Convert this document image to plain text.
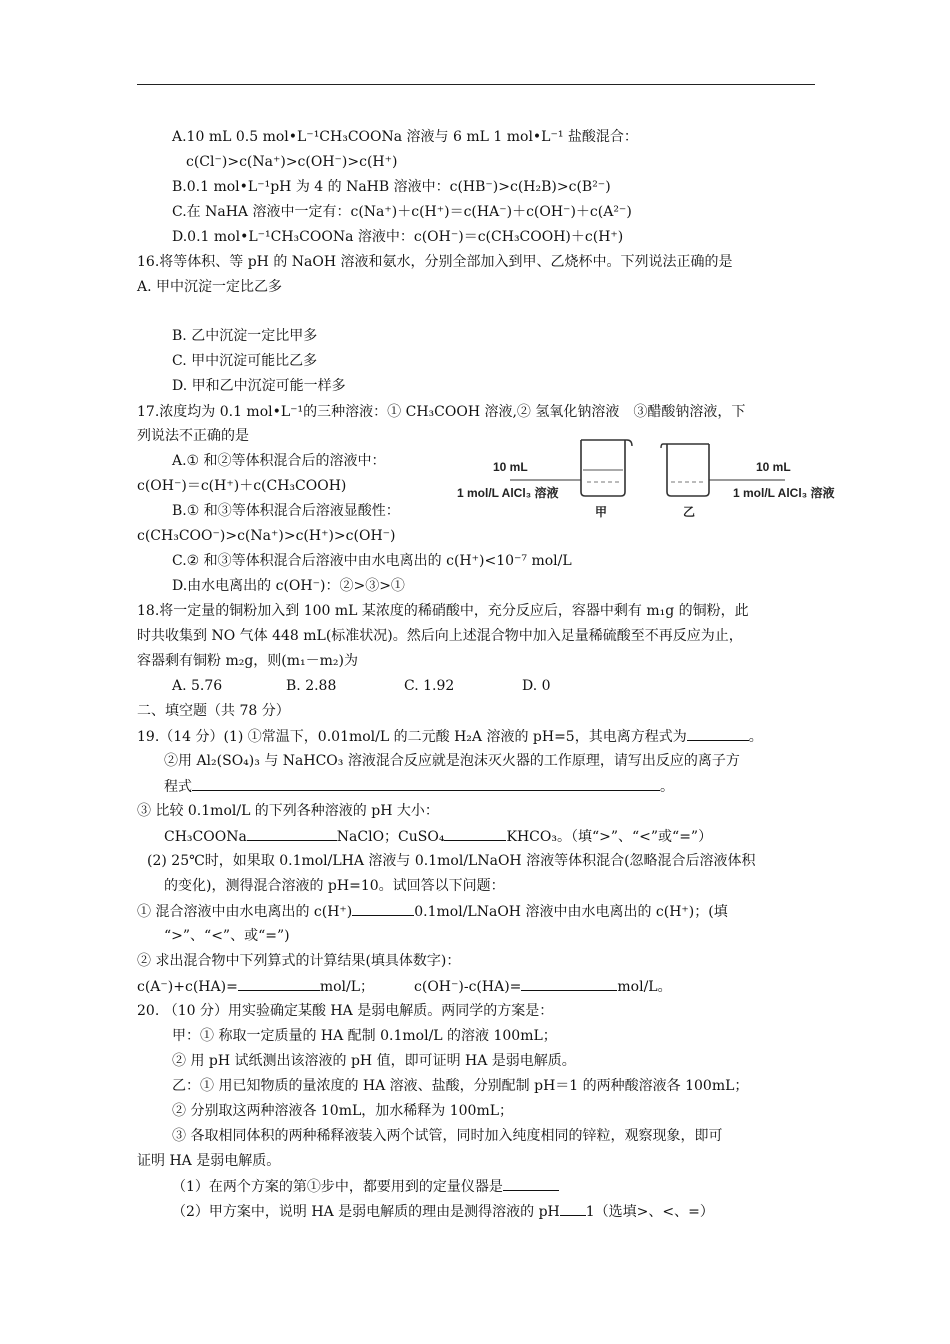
A.10 mL 0.5 mol•L⁻¹CH₃COONa 溶液与 6 mL 1 mol•L⁻¹ 盐酸混合：
c(Cl⁻)>c(Na⁺)>c(OH⁻)>c(H⁺)
B.0.1 mol•L⁻¹pH 为 4 的 NaHB 溶液中：c(HB⁻)>c(H₂B)>c(B²⁻)
C.在 NaHA 溶液中一定有：c(Na⁺)＋c(H⁺)＝c(HA⁻)＋c(OH⁻)＋c(A²⁻)
D.0.1 mol•L⁻¹CH₃COONa 溶液中：c(OH⁻)＝c(CH₃COOH)＋c(H⁺)
16.将等体积、等 pH 的 NaOH 溶液和氨水，分别全部加入到甲、乙烧杯中。下列说法正确的是
A. 甲中沉淀一定比乙多
B. 乙中沉淀一定比甲多
C. 甲中沉淀可能比乙多
D. 甲和乙中沉淀可能一样多
17.浓度均为 0.1 mol•L⁻¹的三种溶液：① CH₃COOH 溶液,② 氢氧化钠溶液　③醋酸钠溶液，下
列说法不正确的是
A.① 和②等体积混合后的溶液中：
c(OH⁻)＝c(H⁺)＋c(CH₃COOH)
B.① 和③等体积混合后溶液显酸性：
c(CH₃COO⁻)>c(Na⁺)>c(H⁺)>c(OH⁻)
C.② 和③等体积混合后溶液中由水电离出的 c(H⁺)<10⁻⁷ mol/L
D.由水电离出的 c(OH⁻)：②>③>①
10 mL
1 mol/L AlCl₃ 溶液
10 mL
1 mol/L AlCl₃ 溶液
甲	乙
18.将一定量的铜粉加入到 100 mL 某浓度的稀硝酸中，充分反应后，容器中剩有 m₁g 的铜粉，此
时共收集到 NO 气体 448 mL(标准状况)。然后向上述混合物中加入足量稀硫酸至不再反应为止，
容器剩有铜粉 m₂g，则(m₁－m₂)为
A. 5.76	B. 2.88	C. 1.92	D. 0
二、填空题（共 78 分）
19.（14 分）(1) ①常温下，0.01mol/L 的二元酸 H₂A 溶液的 pH=5，其电离方程式为	。
②用 Al₂(SO₄)₃ 与 NaHCO₃ 溶液混合反应就是泡沫灭火器的工作原理，请写出反应的离子方
程式	。
③ 比较 0.1mol/L 的下列各种溶液的 pH 大小：
CH₃COONa	NaClO；CuSO₄	KHCO₃。（填“>”、“<”或“=”）
(2) 25℃时，如果取 0.1mol/LHA 溶液与 0.1mol/LNaOH 溶液等体积混合(忽略混合后溶液体积
的变化)，测得混合溶液的 pH=10。试回答以下问题：
① 混合溶液中由水电离出的 c(H⁺)	0.1mol/LNaOH 溶液中由水电离出的 c(H⁺)；(填
“>”、“<”、或“=”)
② 求出混合物中下列算式的计算结果(填具体数字)：
c(A⁻)+c(HA)=	mol/L；	c(OH⁻)-c(HA)=	mol/L。
20. （10 分）用实验确定某酸 HA 是弱电解质。两同学的方案是：
甲：① 称取一定质量的 HA 配制 0.1mol/L 的溶液 100mL；
② 用 pH 试纸测出该溶液的 pH 值，即可证明 HA 是弱电解质。
乙：① 用已知物质的量浓度的 HA 溶液、盐酸，分别配制 pH＝1 的两种酸溶液各 100mL；
② 分别取这两种溶液各 10mL，加水稀释为 100mL；
③ 各取相同体积的两种稀释液装入两个试管，同时加入纯度相同的锌粒，观察现象，即可
证明 HA 是弱电解质。
（1）在两个方案的第①步中，都要用到的定量仪器是
（2）甲方案中，说明 HA 是弱电解质的理由是测得溶液的 pH 1（选填>、<、=）
